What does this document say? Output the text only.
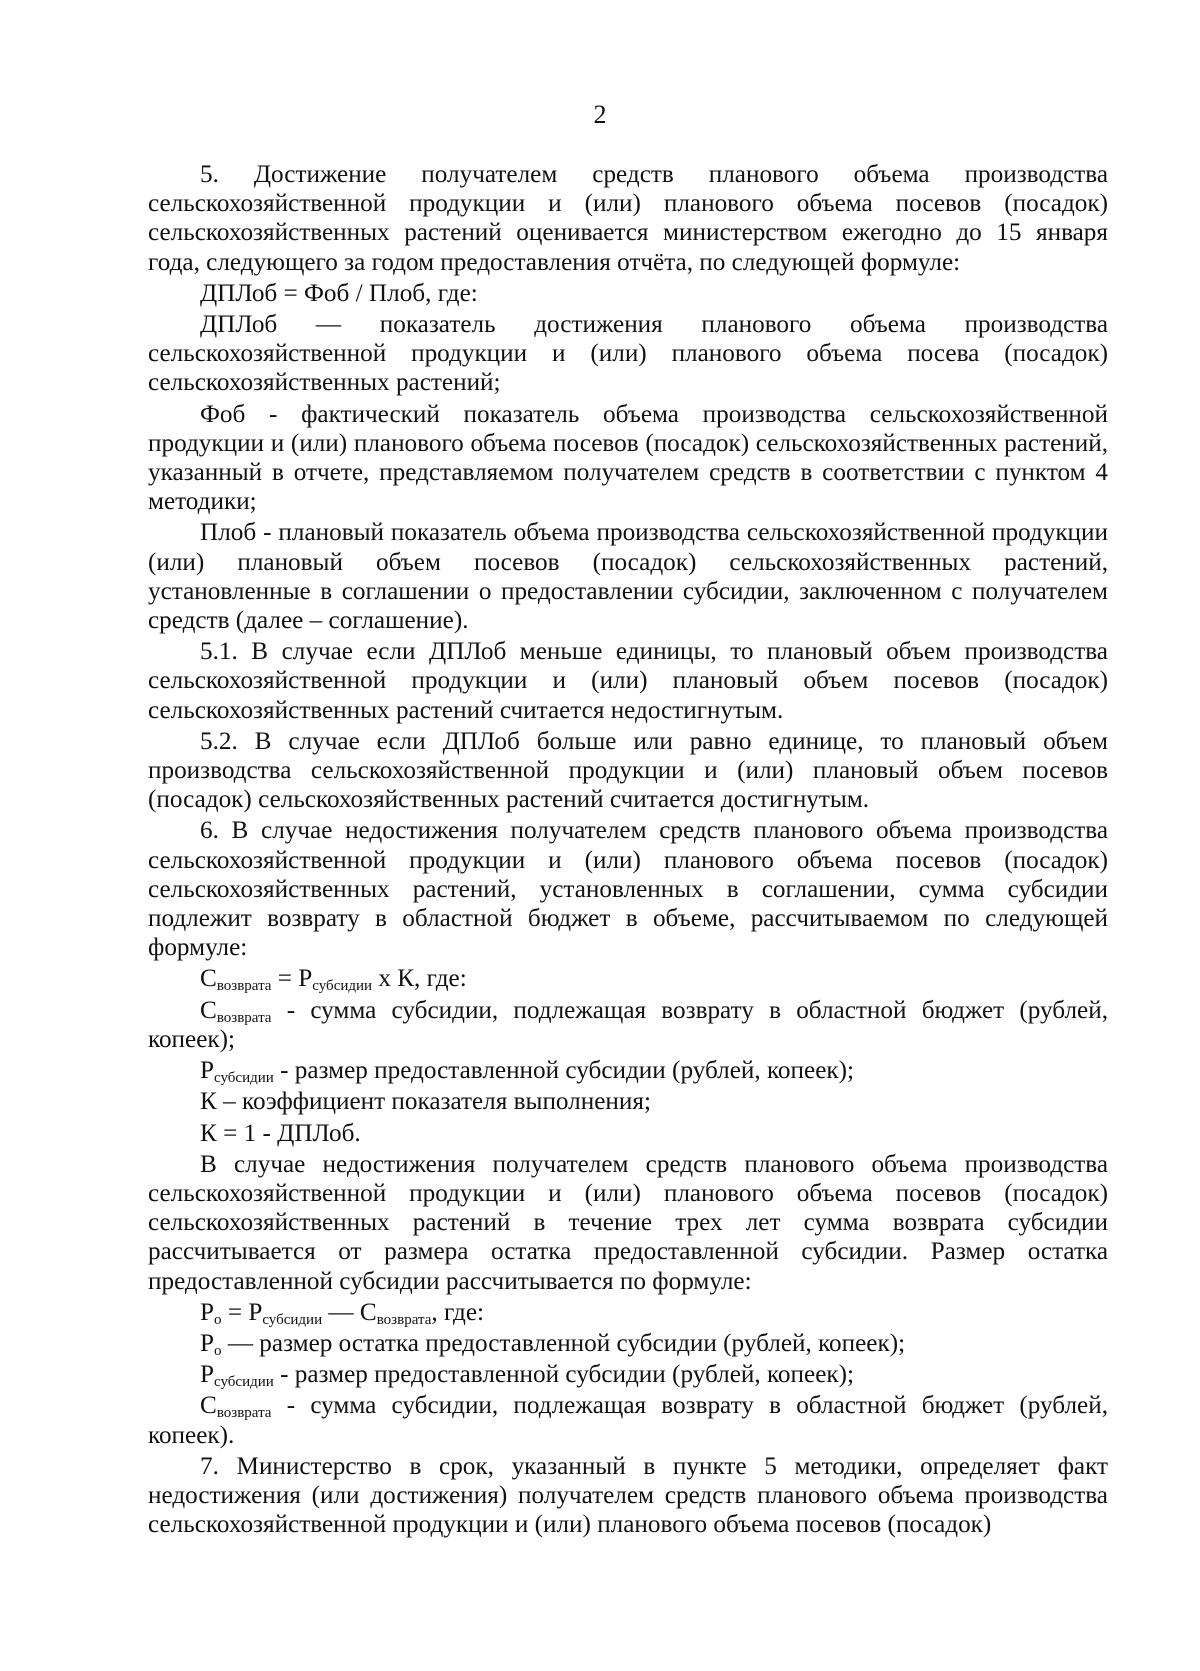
2

5. Достижение получателем средств планового объема производства сельскохозяйственной продукции и (или) планового объема посевов (посадок) сельскохозяйственных растений оценивается министерством ежегодно до 15 января года, следующего за годом предоставления отчёта, по следующей формуле:

ДПЛоб = Фоб / Плоб, где:

ДПЛоб — показатель достижения планового объема производства сельскохозяйственной продукции и (или) планового объема посева (посадок) сельскохозяйственных растений;

Фоб - фактический показатель объема производства сельскохозяйственной продукции и (или) планового объема посевов (посадок) сельскохозяйственных растений, указанный в отчете, представляемом получателем средств в соответствии с пунктом 4 методики;

Плоб - плановый показатель объема производства сельскохозяйственной продукции (или) плановый объем посевов (посадок) сельскохозяйственных растений, установленные в соглашении о предоставлении субсидии, заключенном с получателем средств (далее – соглашение).

5.1. В случае если ДПЛоб меньше единицы, то плановый объем производства сельскохозяйственной продукции и (или) плановый объем посевов (посадок) сельскохозяйственных растений считается недостигнутым.

5.2. В случае если ДПЛоб больше или равно единице, то плановый объем производства сельскохозяйственной продукции и (или) плановый объем посевов (посадок) сельскохозяйственных растений считается достигнутым.

6. В случае недостижения получателем средств планового объема производства сельскохозяйственной продукции и (или) планового объема посевов (посадок) сельскохозяйственных растений, установленных в соглашении, сумма субсидии подлежит возврату в областной бюджет в объеме, рассчитываемом по следующей формуле:

$С_{возврата} = Р_{субсидии}$ х К, где:

$С_{возврата}$ - сумма субсидии, подлежащая возврату в областной бюджет (рублей, копеек);

$Р_{субсидии}$ - размер предоставленной субсидии (рублей, копеек);

К – коэффициент показателя выполнения;

К = 1 - ДПЛоб.

В случае недостижения получателем средств планового объема производства сельскохозяйственной продукции и (или) планового объема посевов (посадок) сельскохозяйственных растений в течение трех лет сумма возврата субсидии рассчитывается от размера остатка предоставленной субсидии. Размер остатка предоставленной субсидии рассчитывается по формуле:

$Р_о = Р_{субсидии}$ — $С_{возврата}$, где:

$Р_о$ — размер остатка предоставленной субсидии (рублей, копеек);

$Р_{субсидии}$ - размер предоставленной субсидии (рублей, копеек);

$С_{возврата}$ - сумма субсидии, подлежащая возврату в областной бюджет (рублей, копеек).

7. Министерство в срок, указанный в пункте 5 методики, определяет факт недостижения (или достижения) получателем средств планового объема производства сельскохозяйственной продукции и (или) планового объема посевов (посадок)
